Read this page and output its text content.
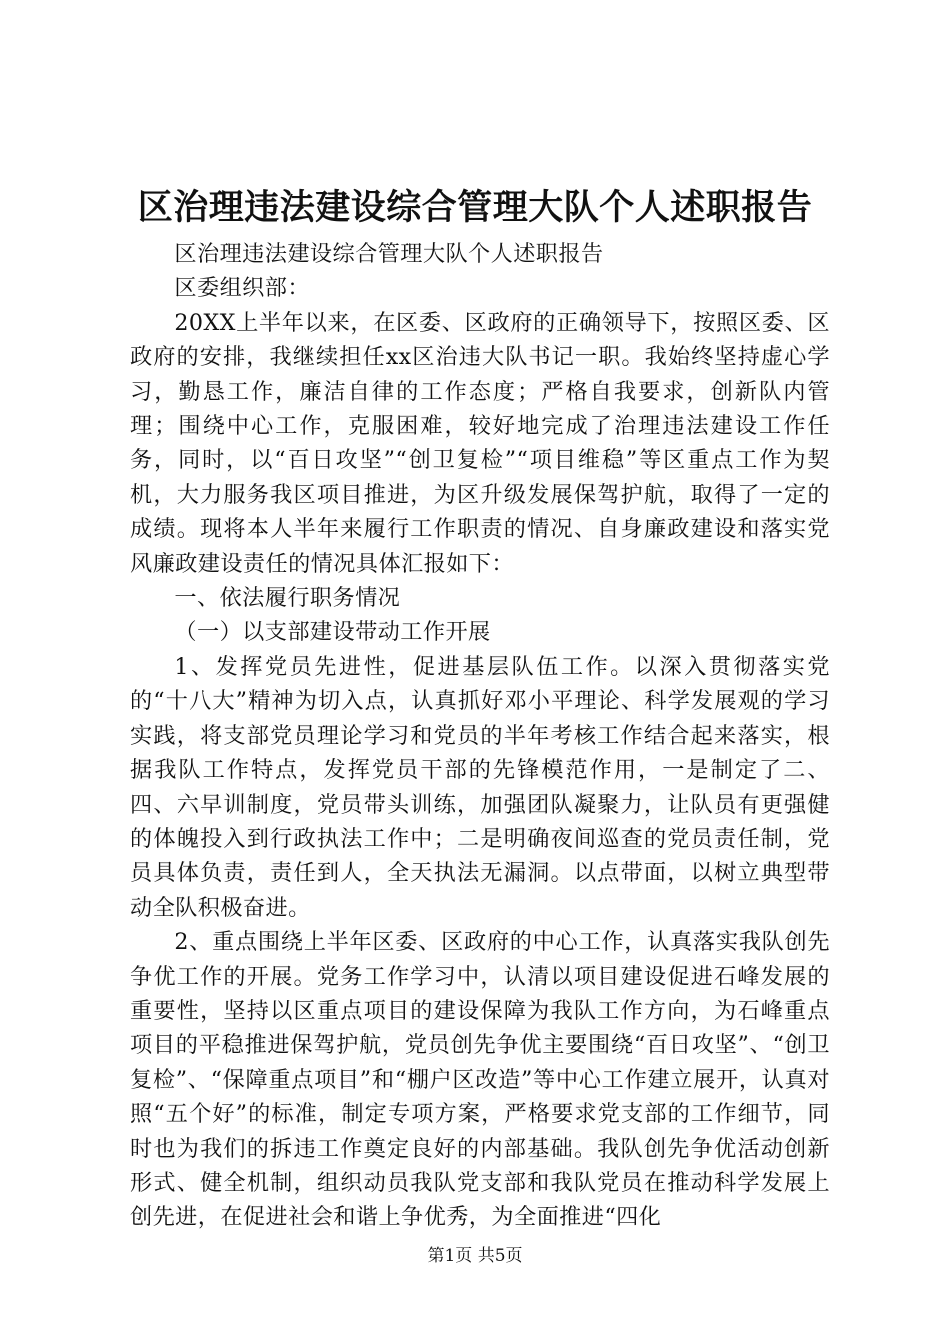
区治理违法建设综合管理大队个人述职报告

区治理违法建设综合管理大队个人述职报告

区委组织部：

20XX上半年以来，在区委、区政府的正确领导下，按照区委、区政府的安排，我继续担任xx区治违大队书记一职。我始终坚持虚心学习，勤恳工作，廉洁自律的工作态度；严格自我要求，创新队内管理；围绕中心工作，克服困难，较好地完成了治理违法建设工作任务，同时，以“百日攻坚”“创卫复检”“项目维稳”等区重点工作为契机，大力服务我区项目推进，为区升级发展保驾护航，取得了一定的成绩。现将本人半年来履行工作职责的情况、自身廉政建设和落实党风廉政建设责任的情况具体汇报如下：

一、依法履行职务情况

（一）以支部建设带动工作开展

1、发挥党员先进性，促进基层队伍工作。以深入贯彻落实党的“十八大”精神为切入点，认真抓好邓小平理论、科学发展观的学习实践，将支部党员理论学习和党员的半年考核工作结合起来落实，根据我队工作特点，发挥党员干部的先锋模范作用，一是制定了二、四、六早训制度，党员带头训练，加强团队凝聚力，让队员有更强健的体魄投入到行政执法工作中；二是明确夜间巡查的党员责任制，党员具体负责，责任到人，全天执法无漏洞。以点带面，以树立典型带动全队积极奋进。

2、重点围绕上半年区委、区政府的中心工作，认真落实我队创先争优工作的开展。党务工作学习中，认清以项目建设促进石峰发展的重要性，坚持以区重点项目的建设保障为我队工作方向，为石峰重点项目的平稳推进保驾护航，党员创先争优主要围绕“百日攻坚”、“创卫复检”、“保障重点项目”和“棚户区改造”等中心工作建立展开，认真对照“五个好”的标准，制定专项方案，严格要求党支部的工作细节，同时也为我们的拆违工作奠定良好的内部基础。我队创先争优活动创新形式、健全机制，组织动员我队党支部和我队党员在推动科学发展上创先进，在促进社会和谐上争优秀，为全面推进“四化

第1页 共5页
